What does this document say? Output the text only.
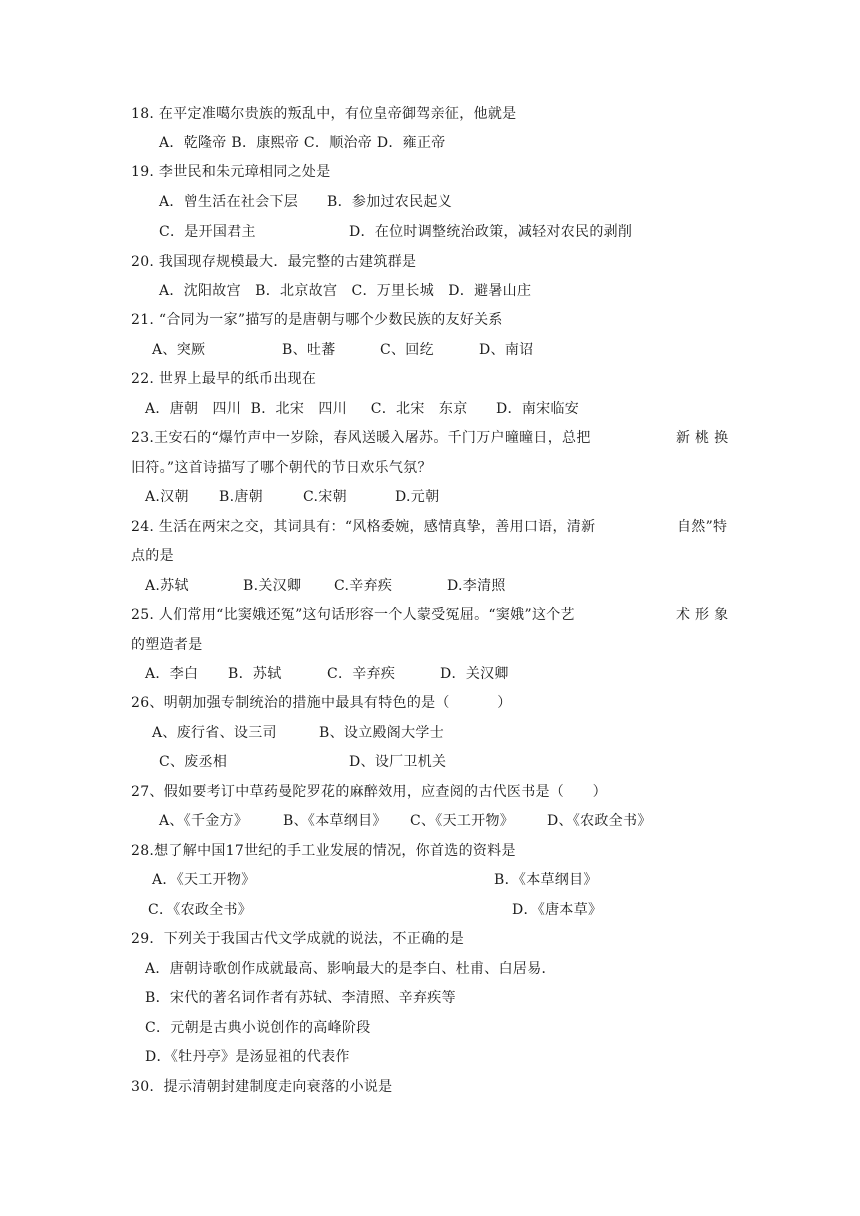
18. 在平定准噶尔贵族的叛乱中，有位皇帝御驾亲征，他就是
A．乾隆帝 B．康熙帝 C．顺治帝 D．雍正帝
19. 李世民和朱元璋相同之处是
A．曾生活在社会下层 B．参加过农民起义
C．是开国君主	D．在位时调整统治政策，减轻对农民的剥削
20. 我国现存规模最大．最完整的古建筑群是
A．沈阳故宫   B．北京故宫   C．万里长城   D．避暑山庄
21. “合同为一家”描写的是唐朝与哪个少数民族的友好关系
A、突厥	B、吐蕃	C、回纥	D、南诏
22. 世界上最早的纸币出现在
A．唐朝   四川  B．北宋   四川     C．北宋   东京      D．南宋临安
23.王安石的“爆竹声中一岁除，春风送暖入屠苏。千门万户曈曈日，总把	新 桃 换
旧符。”这首诗描写了哪个朝代的节日欢乐气氛？
A.汉朝 B.唐朝	C.宋朝	D.元朝
24. 生活在两宋之交，其词具有：“风格委婉，感情真挚，善用口语，清新	自然”特
点的是
A.苏轼	B.关汉卿 C.辛弃疾	D.李清照
25. 人们常用“比窦娥还冤”这句话形容一个人蒙受冤屈。“窦娥”这个艺	术 形 象
的塑造者是
A．李白 B．苏轼	C．辛弃疾	D．关汉卿
26、明朝加强专制统治的措施中最具有特色的是（          ）
A、废行省、设三司	B、设立殿阁大学士
C、废丞相	D、设厂卫机关
27、假如要考订中草药曼陀罗花的麻醉效用，应查阅的古代医书是（      ）
A、《千金方》 B、《本草纲目》 C、《天工开物》 D、《农政全书》
28.想了解中国17世纪的手工业发展的情况，你首选的资料是
A．《天工开物》	B．《本草纲目》
C．《农政全书》	D．《唐本草》
29．下列关于我国古代文学成就的说法，不正确的是
A．唐朝诗歌创作成就最高、影响最大的是李白、杜甫、白居易．
B．宋代的著名词作者有苏轼、李清照、辛弃疾等
C．元朝是古典小说创作的高峰阶段
D．《牡丹亭》是汤显祖的代表作
30.  提示清朝封建制度走向衰落的小说是
